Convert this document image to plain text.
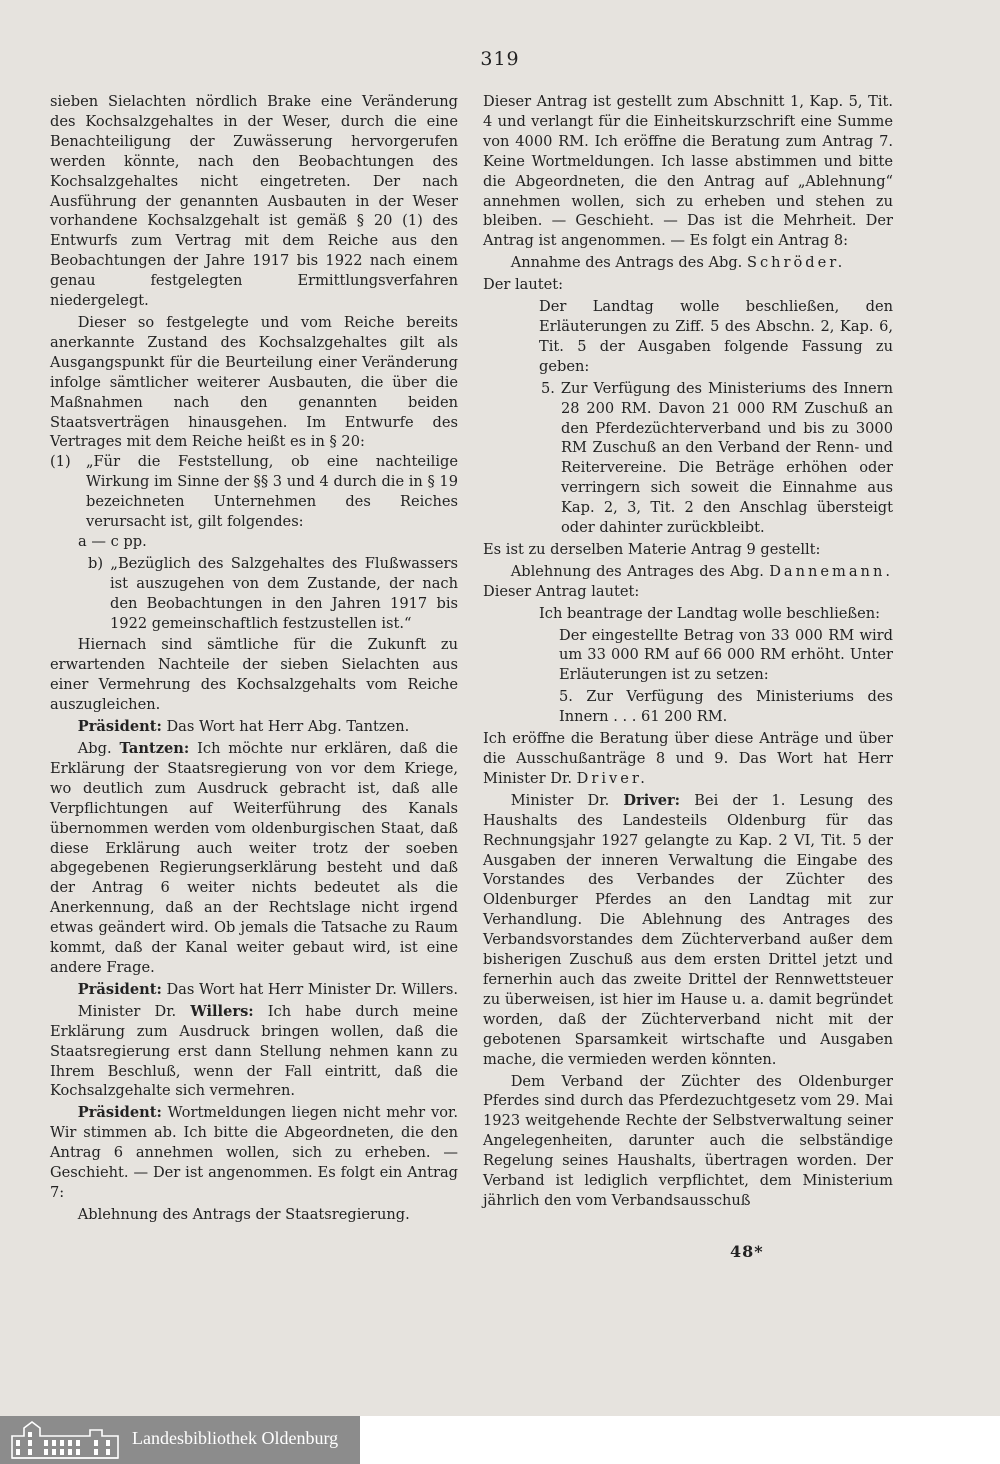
319

sieben Sielachten nördlich Brake eine Veränderung des Kochsalzgehaltes in der Weser, durch die eine Benachteiligung der Zuwässerung hervorgerufen werden könnte, nach den Beobachtungen des Kochsalzgehaltes nicht eingetreten. Der nach Ausführung der genannten Ausbauten in der Weser vorhandene Kochsalzgehalt ist gemäß § 20 (1) des Entwurfs zum Vertrag mit dem Reiche aus den Beobachtungen der Jahre 1917 bis 1922 nach einem genau festgelegten Ermittlungsverfahren niedergelegt.

Dieser so festgelegte und vom Reiche bereits anerkannte Zustand des Kochsalzgehaltes gilt als Ausgangspunkt für die Beurteilung einer Veränderung infolge sämtlicher weiterer Ausbauten, die über die Maßnahmen nach den genannten beiden Staatsverträgen hinausgehen. Im Entwurfe des Vertrages mit dem Reiche heißt es in § 20:

(1)	„Für die Feststellung, ob eine nachteilige Wirkung im Sinne der §§ 3 und 4 durch die in § 19 bezeichneten Unternehmen des Reiches verursacht ist, gilt folgendes:

a — c pp.

b) „Bezüglich des Salzgehaltes des Flußwassers ist auszugehen von dem Zustande, der nach den Beobachtungen in den Jahren 1917 bis 1922 gemeinschaftlich festzustellen ist.“

Hiernach sind sämtliche für die Zukunft zu erwartenden Nachteile der sieben Sielachten aus einer Vermehrung des Kochsalzgehalts vom Reiche auszugleichen.

Präsident: Das Wort hat Herr Abg. Tantzen.

Abg. Tantzen: Ich möchte nur erklären, daß die Erklärung der Staatsregierung von vor dem Kriege, wo deutlich zum Ausdruck gebracht ist, daß alle Verpflichtungen auf Weiterführung des Kanals übernommen werden vom oldenburgischen Staat, daß diese Erklärung auch weiter trotz der soeben abgegebenen Regierungserklärung besteht und daß der Antrag 6 weiter nichts bedeutet als die Anerkennung, daß an der Rechtslage nicht irgend etwas geändert wird. Ob jemals die Tatsache zu Raum kommt, daß der Kanal weiter gebaut wird, ist eine andere Frage.

Präsident: Das Wort hat Herr Minister Dr. Willers.

Minister Dr. Willers: Ich habe durch meine Erklärung zum Ausdruck bringen wollen, daß die Staatsregierung erst dann Stellung nehmen kann zu Ihrem Beschluß, wenn der Fall eintritt, daß die Kochsalzgehalte sich vermehren.

Präsident: Wortmeldungen liegen nicht mehr vor. Wir stimmen ab. Ich bitte die Abgeordneten, die den Antrag 6 annehmen wollen, sich zu erheben. — Geschieht. — Der ist angenommen. Es folgt ein Antrag 7:

Ablehnung des Antrags der Staatsregierung.

Dieser Antrag ist gestellt zum Abschnitt 1, Kap. 5, Tit. 4 und verlangt für die Einheitskurzschrift eine Summe von 4000 RM. Ich eröffne die Beratung zum Antrag 7. Keine Wortmeldungen. Ich lasse abstimmen und bitte die Abgeordneten, die den Antrag auf „Ablehnung“ annehmen wollen, sich zu erheben und stehen zu bleiben. — Geschieht. — Das ist die Mehrheit. Der Antrag ist angenommen. — Es folgt ein Antrag 8:

Annahme des Antrags des Abg. Schröder.

Der lautet:

Der Landtag wolle beschließen, den Erläuterungen zu Ziff. 5 des Abschn. 2, Kap. 6, Tit. 5 der Ausgaben folgende Fassung zu geben:

5. Zur Verfügung des Ministeriums des Innern 28 200 RM. Davon 21 000 RM Zuschuß an den Pferdezüchterverband und bis zu 3000 RM Zuschuß an den Verband der Renn- und Reitervereine. Die Beträge erhöhen oder verringern sich soweit die Einnahme aus Kap. 2, 3, Tit. 2 den Anschlag übersteigt oder dahinter zurückbleibt.

Es ist zu derselben Materie Antrag 9 gestellt:

Ablehnung des Antrages des Abg. Dannemann. Dieser Antrag lautet:

Ich beantrage der Landtag wolle beschließen:

Der eingestellte Betrag von 33 000 RM wird um 33 000 RM auf 66 000 RM erhöht. Unter Erläuterungen ist zu setzen:

5. Zur Verfügung des Ministeriums des Innern . . . 61 200 RM.

Ich eröffne die Beratung über diese Anträge und über die Ausschußanträge 8 und 9. Das Wort hat Herr Minister Dr. Driver.

Minister Dr. Driver: Bei der 1. Lesung des Haushalts des Landesteils Oldenburg für das Rechnungsjahr 1927 gelangte zu Kap. 2 VI, Tit. 5 der Ausgaben der inneren Verwaltung die Eingabe des Vorstandes des Verbandes der Züchter des Oldenburger Pferdes an den Landtag mit zur Verhandlung. Die Ablehnung des Antrages des Verbandsvorstandes dem Züchterverband außer dem bisherigen Zuschuß aus dem ersten Drittel jetzt und fernerhin auch das zweite Drittel der Rennwettsteuer zu überweisen, ist hier im Hause u. a. damit begründet worden, daß der Züchterverband nicht mit der gebotenen Sparsamkeit wirtschafte und Ausgaben mache, die vermieden werden könnten.

Dem Verband der Züchter des Oldenburger Pferdes sind durch das Pferdezuchtgesetz vom 29. Mai 1923 weitgehende Rechte der Selbstverwaltung seiner Angelegenheiten, darunter auch die selbständige Regelung seines Haushalts, übertragen worden. Der Verband ist lediglich verpflichtet, dem Ministerium jährlich den vom Verbandsausschuß

48*
Landesbibliothek Oldenburg
